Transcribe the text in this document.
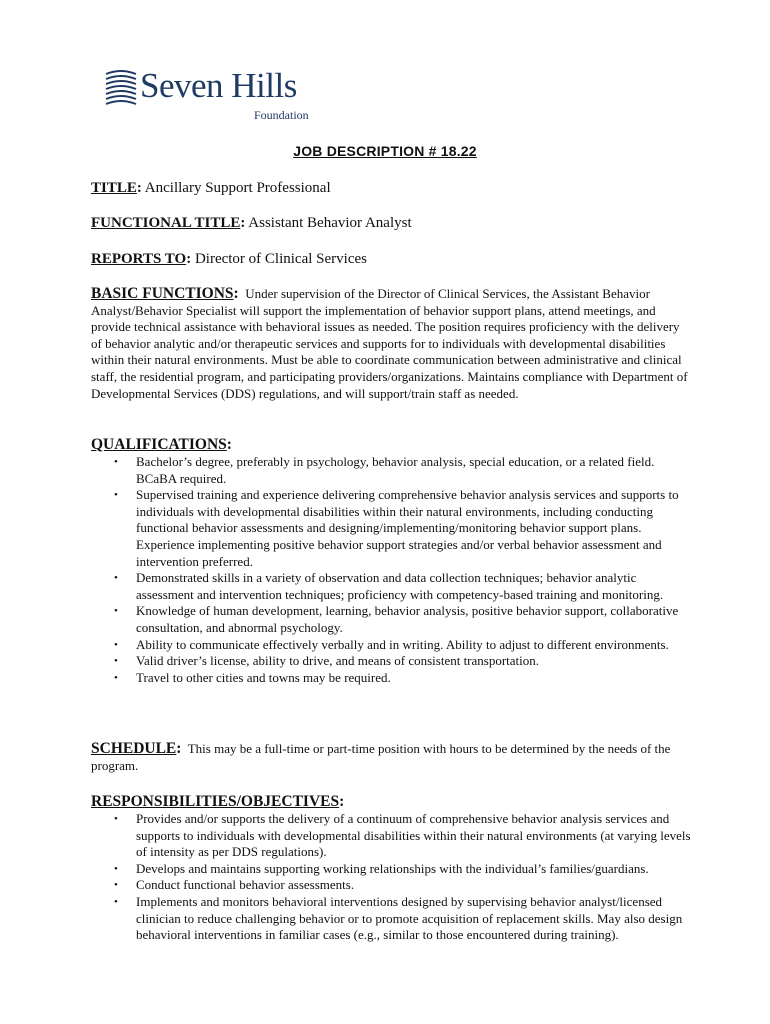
Seven Hills
Foundation
JOB DESCRIPTION # 18.22
TITLE: Ancillary Support Professional
FUNCTIONAL TITLE: Assistant Behavior Analyst
REPORTS TO: Director of Clinical Services
BASIC FUNCTIONS: Under supervision of the Director of Clinical Services, the Assistant Behavior Analyst/Behavior Specialist will support the implementation of behavior support plans, attend meetings, and provide technical assistance with behavioral issues as needed. The position requires proficiency with the delivery of behavior analytic and/or therapeutic services and supports for to individuals with developmental disabilities within their natural environments. Must be able to coordinate communication between administrative and clinical staff, the residential program, and participating providers/organizations. Maintains compliance with Department of Developmental Services (DDS) regulations, and will support/train staff as needed.
QUALIFICATIONS:
• Bachelor’s degree, preferably in psychology, behavior analysis, special education, or a related field. BCaBA required.
• Supervised training and experience delivering comprehensive behavior analysis services and supports to individuals with developmental disabilities within their natural environments, including conducting functional behavior assessments and designing/implementing/monitoring behavior support plans. Experience implementing positive behavior support strategies and/or verbal behavior assessment and intervention preferred.
• Demonstrated skills in a variety of observation and data collection techniques; behavior analytic assessment and intervention techniques; proficiency with competency-based training and monitoring.
• Knowledge of human development, learning, behavior analysis, positive behavior support, collaborative consultation, and abnormal psychology.
• Ability to communicate effectively verbally and in writing. Ability to adjust to different environments.
• Valid driver’s license, ability to drive, and means of consistent transportation.
• Travel to other cities and towns may be required.
SCHEDULE: This may be a full-time or part-time position with hours to be determined by the needs of the program.
RESPONSIBILITIES/OBJECTIVES:
• Provides and/or supports the delivery of a continuum of comprehensive behavior analysis services and supports to individuals with developmental disabilities within their natural environments (at varying levels of intensity as per DDS regulations).
• Develops and maintains supporting working relationships with the individual’s families/guardians.
• Conduct functional behavior assessments.
• Implements and monitors behavioral interventions designed by supervising behavior analyst/licensed clinician to reduce challenging behavior or to promote acquisition of replacement skills. May also design behavioral interventions in familiar cases (e.g., similar to those encountered during training).
